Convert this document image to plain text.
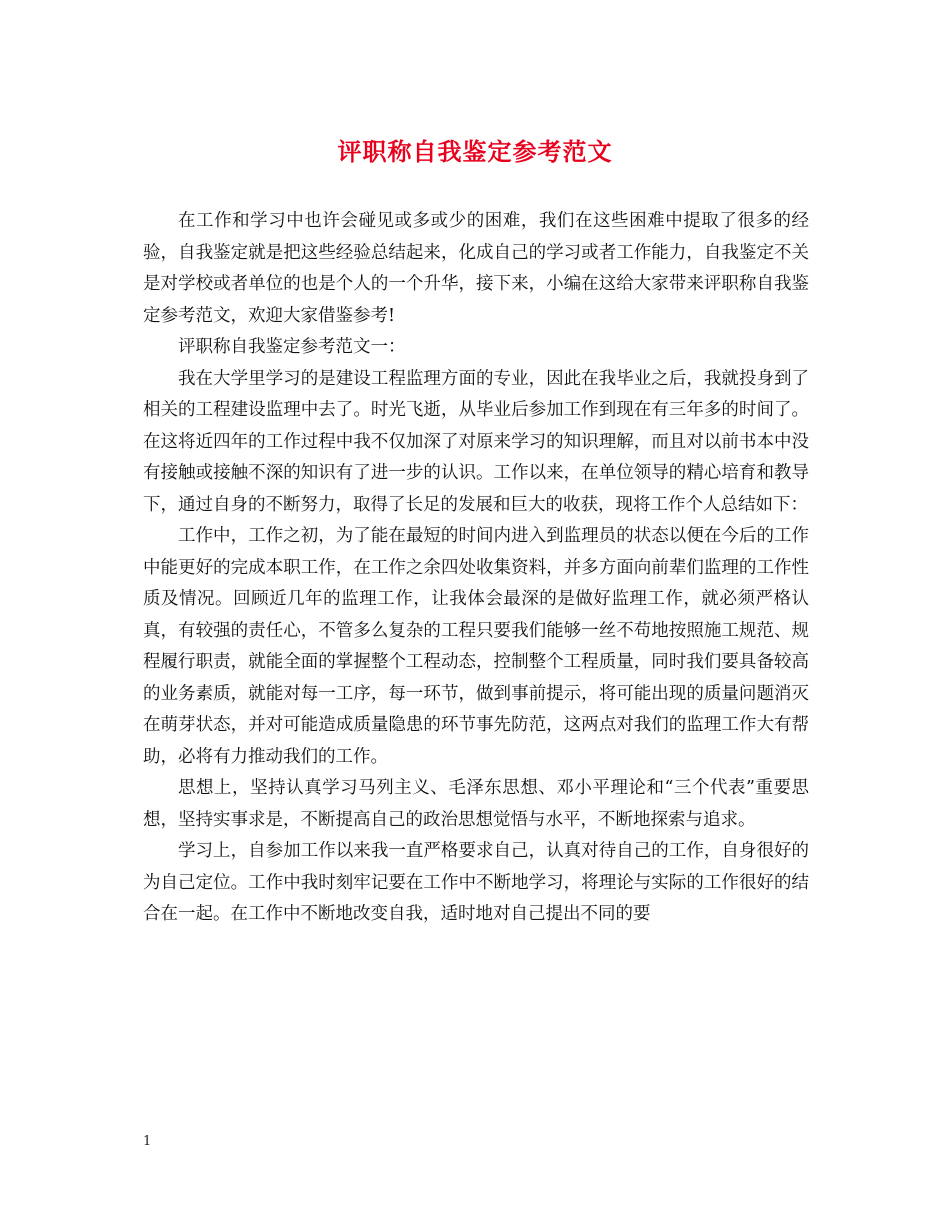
评职称自我鉴定参考范文

在工作和学习中也许会碰见或多或少的困难，我们在这些困难中提取了很多的经验，自我鉴定就是把这些经验总结起来，化成自己的学习或者工作能力，自我鉴定不关是对学校或者单位的也是个人的一个升华，接下来，小编在这给大家带来评职称自我鉴定参考范文，欢迎大家借鉴参考!

评职称自我鉴定参考范文一：

我在大学里学习的是建设工程监理方面的专业，因此在我毕业之后，我就投身到了相关的工程建设监理中去了。时光飞逝，从毕业后参加工作到现在有三年多的时间了。在这将近四年的工作过程中我不仅加深了对原来学习的知识理解，而且对以前书本中没有接触或接触不深的知识有了进一步的认识。工作以来，在单位领导的精心培育和教导下，通过自身的不断努力，取得了长足的发展和巨大的收获，现将工作个人总结如下：

工作中，工作之初，为了能在最短的时间内进入到监理员的状态以便在今后的工作中能更好的完成本职工作，在工作之余四处收集资料，并多方面向前辈们监理的工作性质及情况。回顾近几年的监理工作，让我体会最深的是做好监理工作，就必须严格认真，有较强的责任心，不管多么复杂的工程只要我们能够一丝不苟地按照施工规范、规程履行职责，就能全面的掌握整个工程动态，控制整个工程质量，同时我们要具备较高的业务素质，就能对每一工序，每一环节，做到事前提示，将可能出现的质量问题消灭在萌芽状态，并对可能造成质量隐患的环节事先防范，这两点对我们的监理工作大有帮助，必将有力推动我们的工作。

思想上，坚持认真学习马列主义、毛泽东思想、邓小平理论和“三个代表”重要思想，坚持实事求是，不断提高自己的政治思想觉悟与水平，不断地探索与追求。

学习上，自参加工作以来我一直严格要求自己，认真对待自己的工作，自身很好的为自己定位。工作中我时刻牢记要在工作中不断地学习，将理论与实际的工作很好的结合在一起。在工作中不断地改变自我，适时地对自己提出不同的要

1
